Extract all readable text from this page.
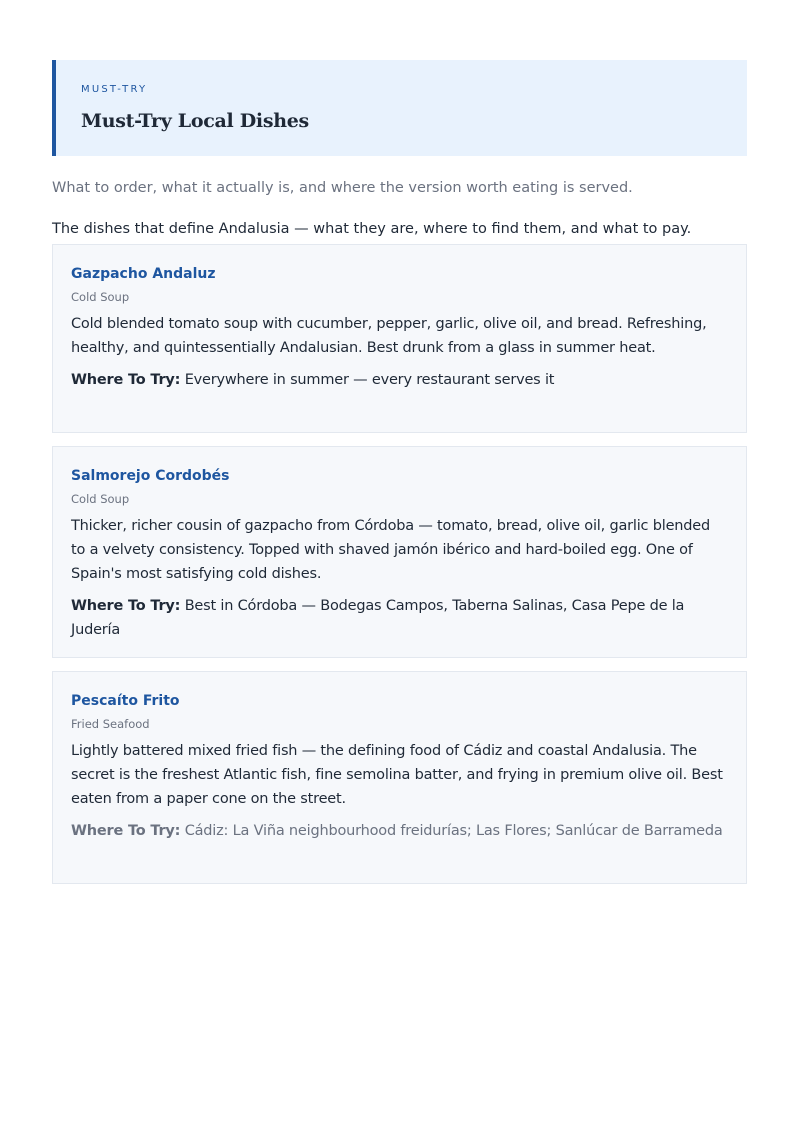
MUST-TRY
Must-Try Local Dishes
What to order, what it actually is, and where the version worth eating is served.
The dishes that define Andalusia — what they are, where to find them, and what to pay.
Gazpacho Andaluz
Cold Soup
Cold blended tomato soup with cucumber, pepper, garlic, olive oil, and bread. Refreshing, healthy, and quintessentially Andalusian. Best drunk from a glass in summer heat.
Where To Try: Everywhere in summer — every restaurant serves it
Salmorejo Cordobés
Cold Soup
Thicker, richer cousin of gazpacho from Córdoba — tomato, bread, olive oil, garlic blended to a velvety consistency. Topped with shaved jamón ibérico and hard-boiled egg. One of Spain's most satisfying cold dishes.
Where To Try: Best in Córdoba — Bodegas Campos, Taberna Salinas, Casa Pepe de la Judería
Pescaíto Frito
Fried Seafood
Lightly battered mixed fried fish — the defining food of Cádiz and coastal Andalusia. The secret is the freshest Atlantic fish, fine semolina batter, and frying in premium olive oil. Best eaten from a paper cone on the street.
Where To Try: Cádiz: La Viña neighbourhood freidurías; Las Flores; Sanlúcar de Barrameda
